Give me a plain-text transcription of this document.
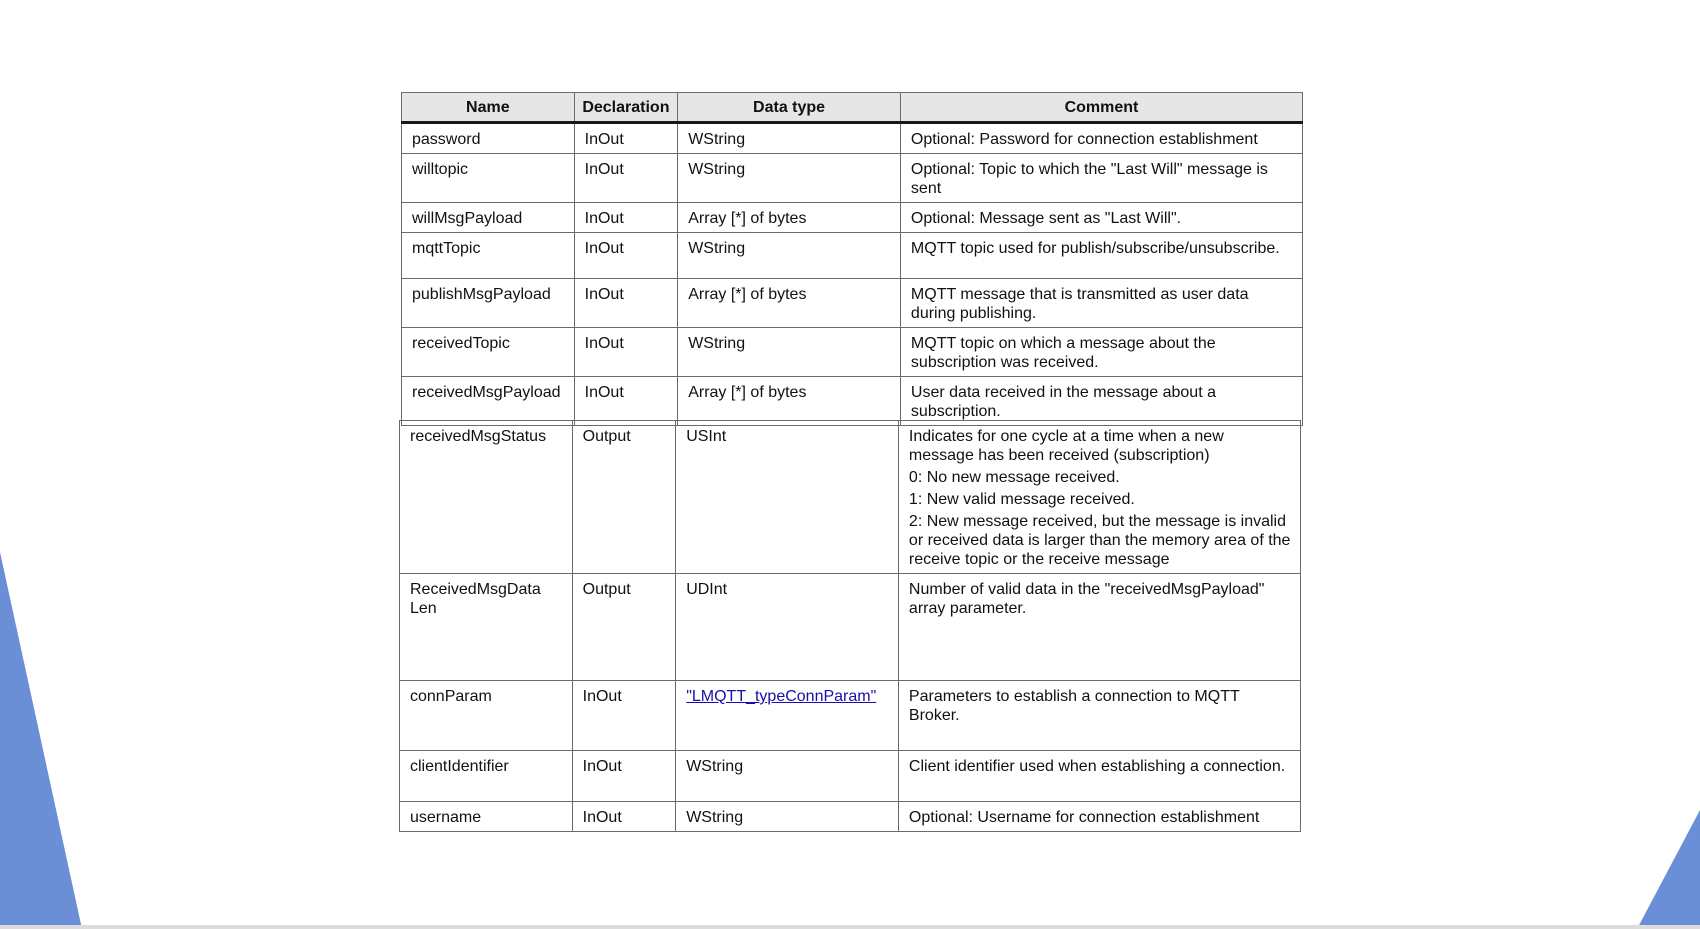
Name	Declaration	Data type	Comment
password	InOut	WString	Optional: Password for connection establishment
willtopic	InOut	WString	Optional: Topic to which the "Last Will" message is sent
willMsgPayload	InOut	Array [*] of bytes	Optional: Message sent as "Last Will".
mqttTopic	InOut	WString	MQTT topic used for publish/subscribe/unsubscribe.
publishMsgPayload	InOut	Array [*] of bytes	MQTT message that is transmitted as user data during publishing.
receivedTopic	InOut	WString	MQTT topic on which a message about the subscription was received.
receivedMsgPayload	InOut	Array [*] of bytes	User data received in the message about a subscription.
receivedMsgStatus	Output	USInt	Indicates for one cycle at a time when a new message has been received (subscription)
0: No new message received.
1: New valid message received.
2: New message received, but the message is invalid or received data is larger than the memory area of the receive topic or the receive message

ReceivedMsgData Len	Output	UDInt	Number of valid data in the "receivedMsgPayload" array parameter.
connParam	InOut	"LMQTT_typeConnParam"	Parameters to establish a connection to MQTT Broker.
clientIdentifier	InOut	WString	Client identifier used when establishing a connection.
username	InOut	WString	Optional: Username for connection establishment
